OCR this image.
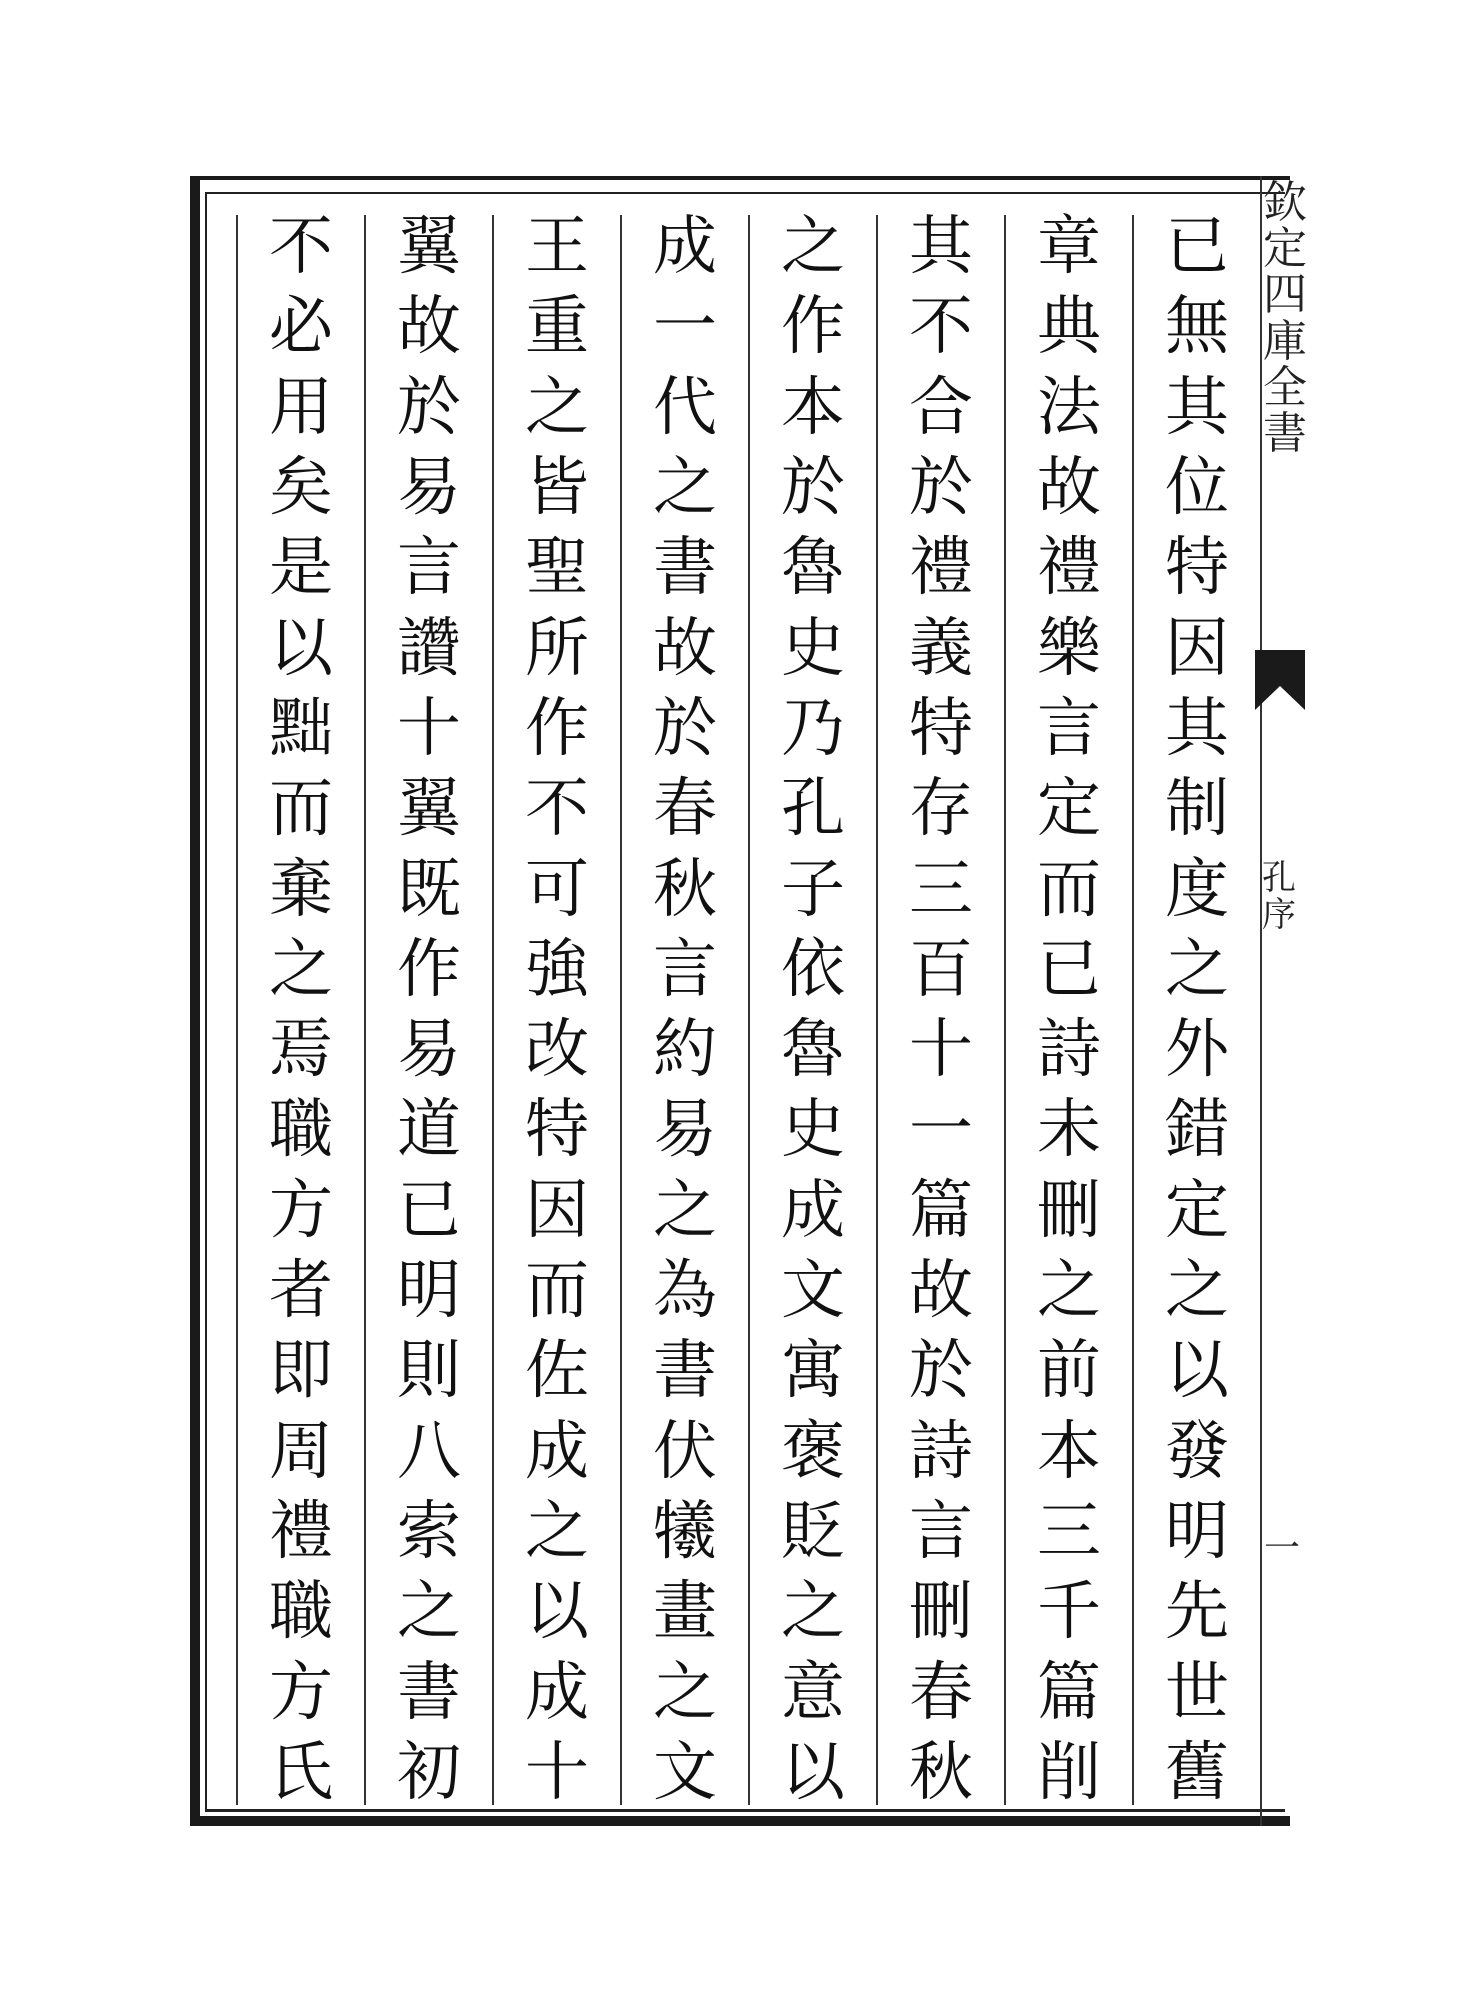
欽
定
四
庫
全
書
孔
序
一
已
無
其
位
特
因
其
制
度
之
外
錯
定
之
以
發
明
先
世
舊
章
典
法
故
禮
樂
言
定
而
已
詩
未
刪
之
前
本
三
千
篇
削
其
不
合
於
禮
義
特
存
三
百
十
一
篇
故
於
詩
言
刪
春
秋
之
作
本
於
魯
史
乃
孔
子
依
魯
史
成
文
寓
褒
貶
之
意
以
成
一
代
之
書
故
於
春
秋
言
約
易
之
為
書
伏
犧
畫
之
文
王
重
之
皆
聖
所
作
不
可
強
改
特
因
而
佐
成
之
以
成
十
翼
故
於
易
言
讚
十
翼
既
作
易
道
已
明
則
八
索
之
書
初
不
必
用
矣
是
以
黜
而
棄
之
焉
職
方
者
即
周
禮
職
方
氏
